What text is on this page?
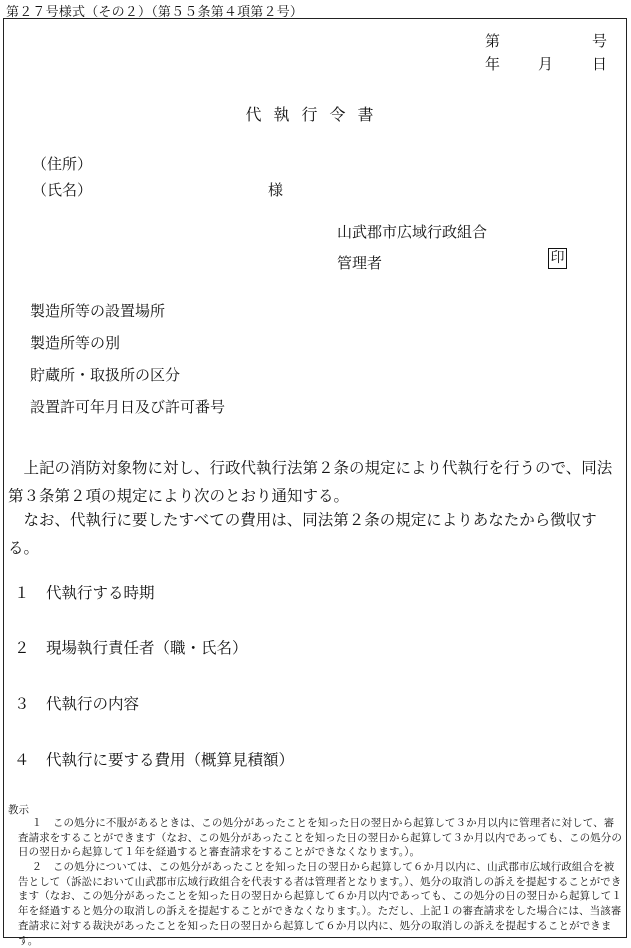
第２７号様式（その２）（第５５条第４項第２号）
第	号
年	月	日
代執行令書
（住所）
（氏名）	様
山武郡市広域行政組合
管理者	印
製造所等の設置場所
製造所等の別
貯蔵所・取扱所の区分
設置許可年月日及び許可番号
上記の消防対象物に対し、行政代執行法第２条の規定により代執行を行うので、同法第３条第２項の規定により次のとおり通知する。
なお、代執行に要したすべての費用は、同法第２条の規定によりあなたから徴収する。
１ 代執行する時期
２ 現場執行責任者（職・氏名）
３ 代執行の内容
４ 代執行に要する費用（概算見積額）
教示
１　この処分に不服があるときは、この処分があったことを知った日の翌日から起算して３か月以内に管理者に対して、審査請求をすることができます（なお、この処分があったことを知った日の翌日から起算して３か月以内であっても、この処分の日の翌日から起算して１年を経過すると審査請求をすることができなくなります。）。
２　この処分については、この処分があったことを知った日の翌日から起算して６か月以内に、山武郡市広域行政組合を被告として（訴訟において山武郡市広域行政組合を代表する者は管理者となります。）、処分の取消しの訴えを提起することができます（なお、この処分があったことを知った日の翌日から起算して６か月以内であっても、この処分の日の翌日から起算して１年を経過すると処分の取消しの訴えを提起することができなくなります。）。ただし、上記１の審査請求をした場合には、当該審査請求に対する裁決があったことを知った日の翌日から起算して６か月以内に、処分の取消しの訴えを提起することができます。
